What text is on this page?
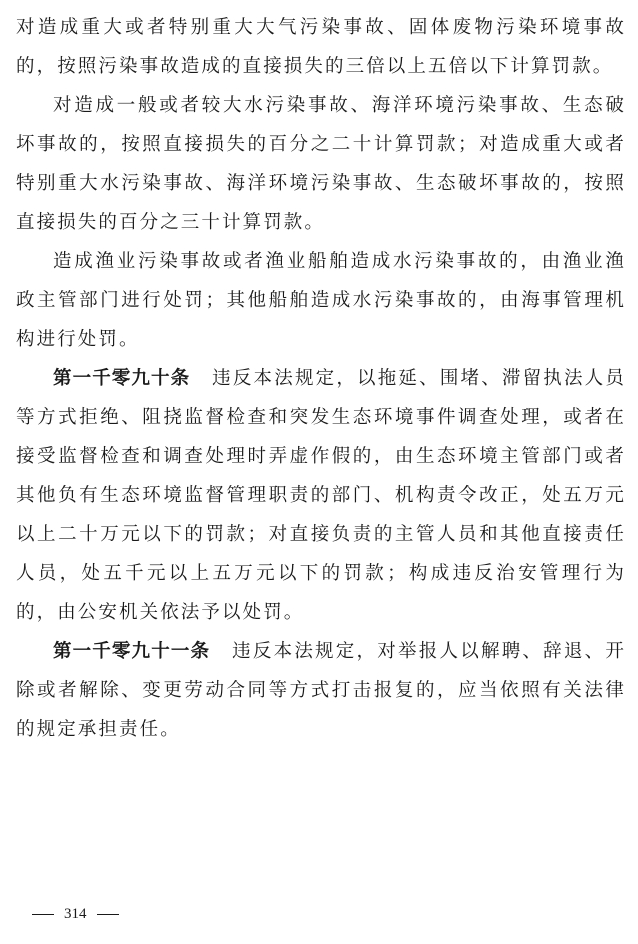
对造成重大或者特别重大大气污染事故、固体废物污染环境事故的，按照污染事故造成的直接损失的三倍以上五倍以下计算罚款。

对造成一般或者较大水污染事故、海洋环境污染事故、生态破坏事故的，按照直接损失的百分之二十计算罚款；对造成重大或者特别重大水污染事故、海洋环境污染事故、生态破坏事故的，按照直接损失的百分之三十计算罚款。

造成渔业污染事故或者渔业船舶造成水污染事故的，由渔业渔政主管部门进行处罚；其他船舶造成水污染事故的，由海事管理机构进行处罚。

第一千零九十条 违反本法规定，以拖延、围堵、滞留执法人员等方式拒绝、阻挠监督检查和突发生态环境事件调查处理，或者在接受监督检查和调查处理时弄虚作假的，由生态环境主管部门或者其他负有生态环境监督管理职责的部门、机构责令改正，处五万元以上二十万元以下的罚款；对直接负责的主管人员和其他直接责任人员，处五千元以上五万元以下的罚款；构成违反治安管理行为的，由公安机关依法予以处罚。

第一千零九十一条 违反本法规定，对举报人以解聘、辞退、开除或者解除、变更劳动合同等方式打击报复的，应当依照有关法律的规定承担责任。

314
